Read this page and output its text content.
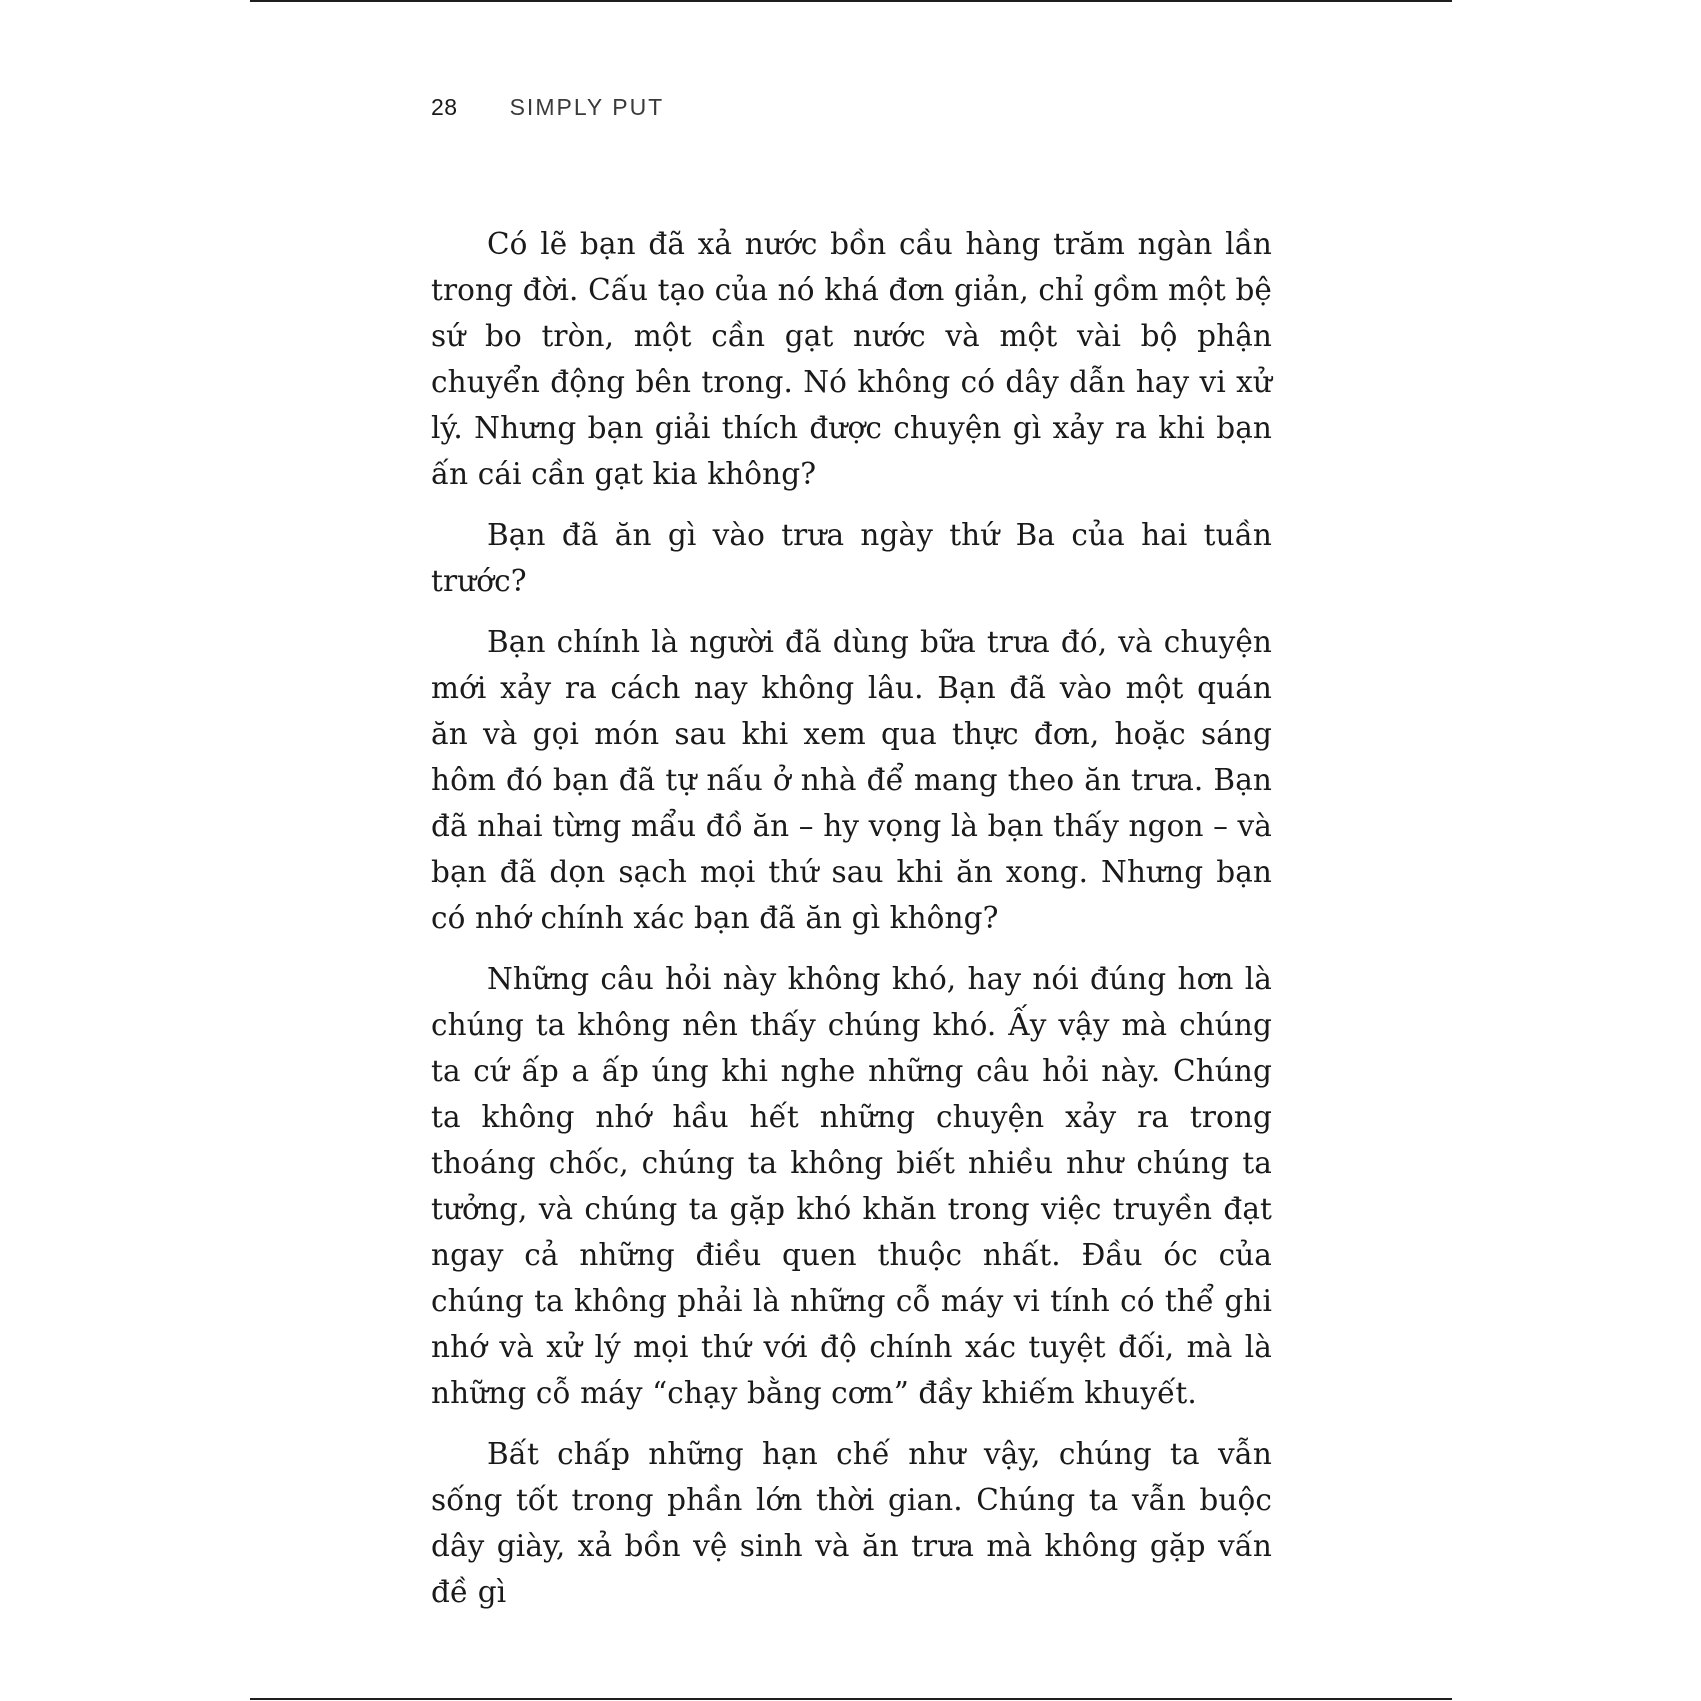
28 SIMPLY PUT

Có lẽ bạn đã xả nước bồn cầu hàng trăm ngàn lần trong đời. Cấu tạo của nó khá đơn giản, chỉ gồm một bệ sứ bo tròn, một cần gạt nước và một vài bộ phận chuyển động bên trong. Nó không có dây dẫn hay vi xử lý. Nhưng bạn giải thích được chuyện gì xảy ra khi bạn ấn cái cần gạt kia không?

Bạn đã ăn gì vào trưa ngày thứ Ba của hai tuần trước?

Bạn chính là người đã dùng bữa trưa đó, và chuyện mới xảy ra cách nay không lâu. Bạn đã vào một quán ăn và gọi món sau khi xem qua thực đơn, hoặc sáng hôm đó bạn đã tự nấu ở nhà để mang theo ăn trưa. Bạn đã nhai từng mẩu đồ ăn – hy vọng là bạn thấy ngon – và bạn đã dọn sạch mọi thứ sau khi ăn xong. Nhưng bạn có nhớ chính xác bạn đã ăn gì không?

Những câu hỏi này không khó, hay nói đúng hơn là chúng ta không nên thấy chúng khó. Ấy vậy mà chúng ta cứ ấp a ấp úng khi nghe những câu hỏi này. Chúng ta không nhớ hầu hết những chuyện xảy ra trong thoáng chốc, chúng ta không biết nhiều như chúng ta tưởng, và chúng ta gặp khó khăn trong việc truyền đạt ngay cả những điều quen thuộc nhất. Đầu óc của chúng ta không phải là những cỗ máy vi tính có thể ghi nhớ và xử lý mọi thứ với độ chính xác tuyệt đối, mà là những cỗ máy “chạy bằng cơm” đầy khiếm khuyết.

Bất chấp những hạn chế như vậy, chúng ta vẫn sống tốt trong phần lớn thời gian. Chúng ta vẫn buộc dây giày, xả bồn vệ sinh và ăn trưa mà không gặp vấn đề gì
